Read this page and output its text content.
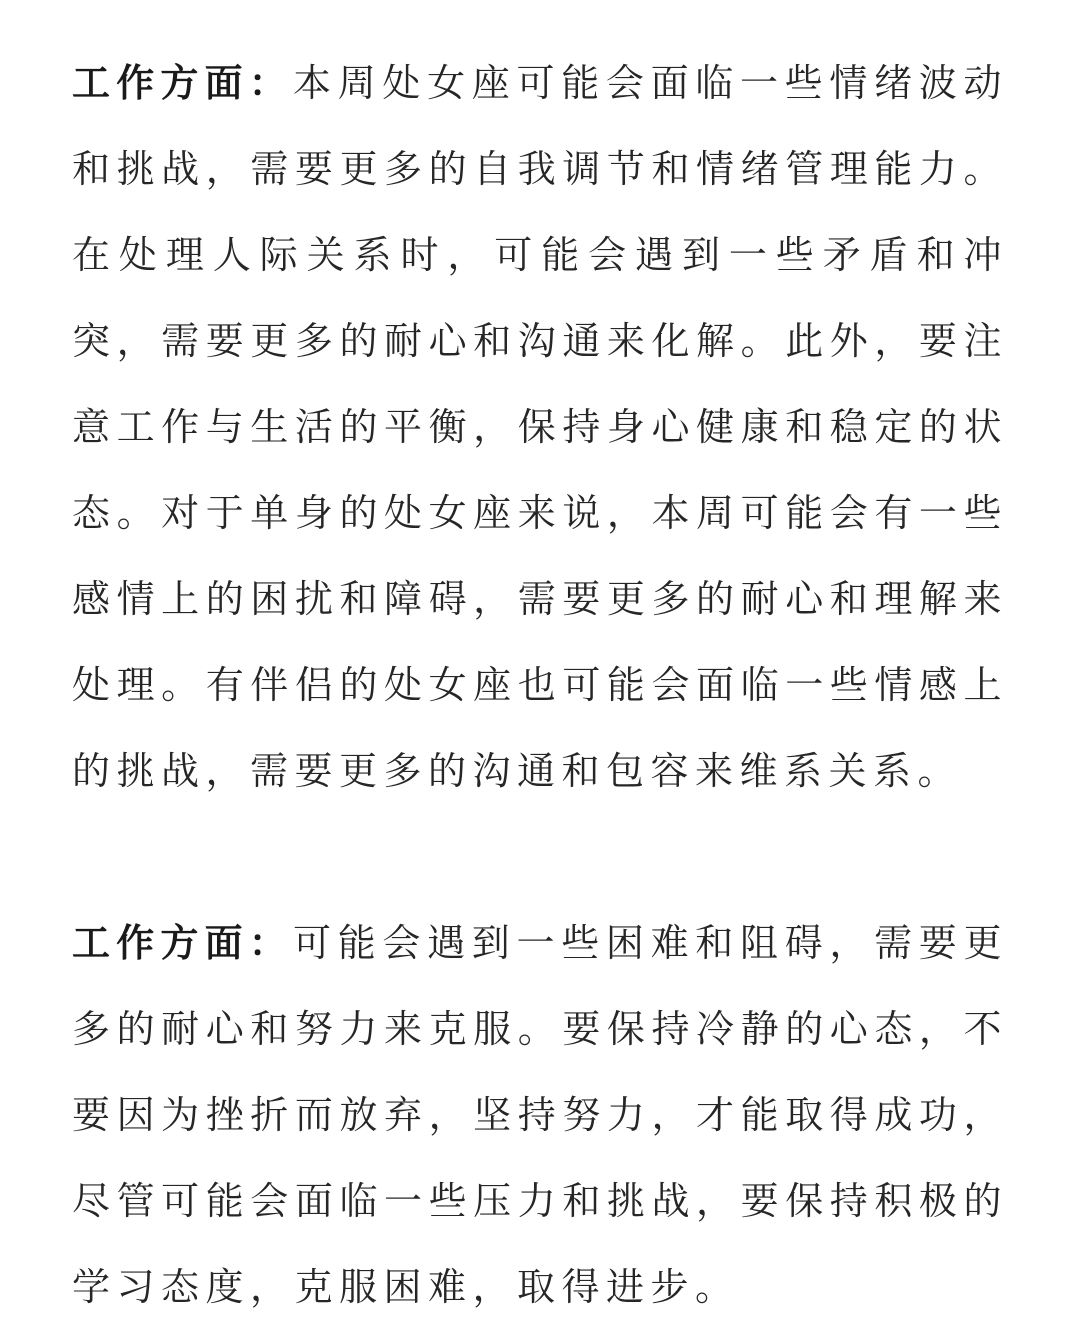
工作方面：本周处女座可能会面临一些情绪波动和挑战，需要更多的自我调节和情绪管理能力。在处理人际关系时，可能会遇到一些矛盾和冲突，需要更多的耐心和沟通来化解。此外，要注意工作与生活的平衡，保持身心健康和稳定的状态。对于单身的处女座来说，本周可能会有一些感情上的困扰和障碍，需要更多的耐心和理解来处理。有伴侣的处女座也可能会面临一些情感上的挑战，需要更多的沟通和包容来维系关系。

工作方面：可能会遇到一些困难和阻碍，需要更多的耐心和努力来克服。要保持冷静的心态，不要因为挫折而放弃，坚持努力，才能取得成功，尽管可能会面临一些压力和挑战，要保持积极的学习态度，克服困难，取得进步。
